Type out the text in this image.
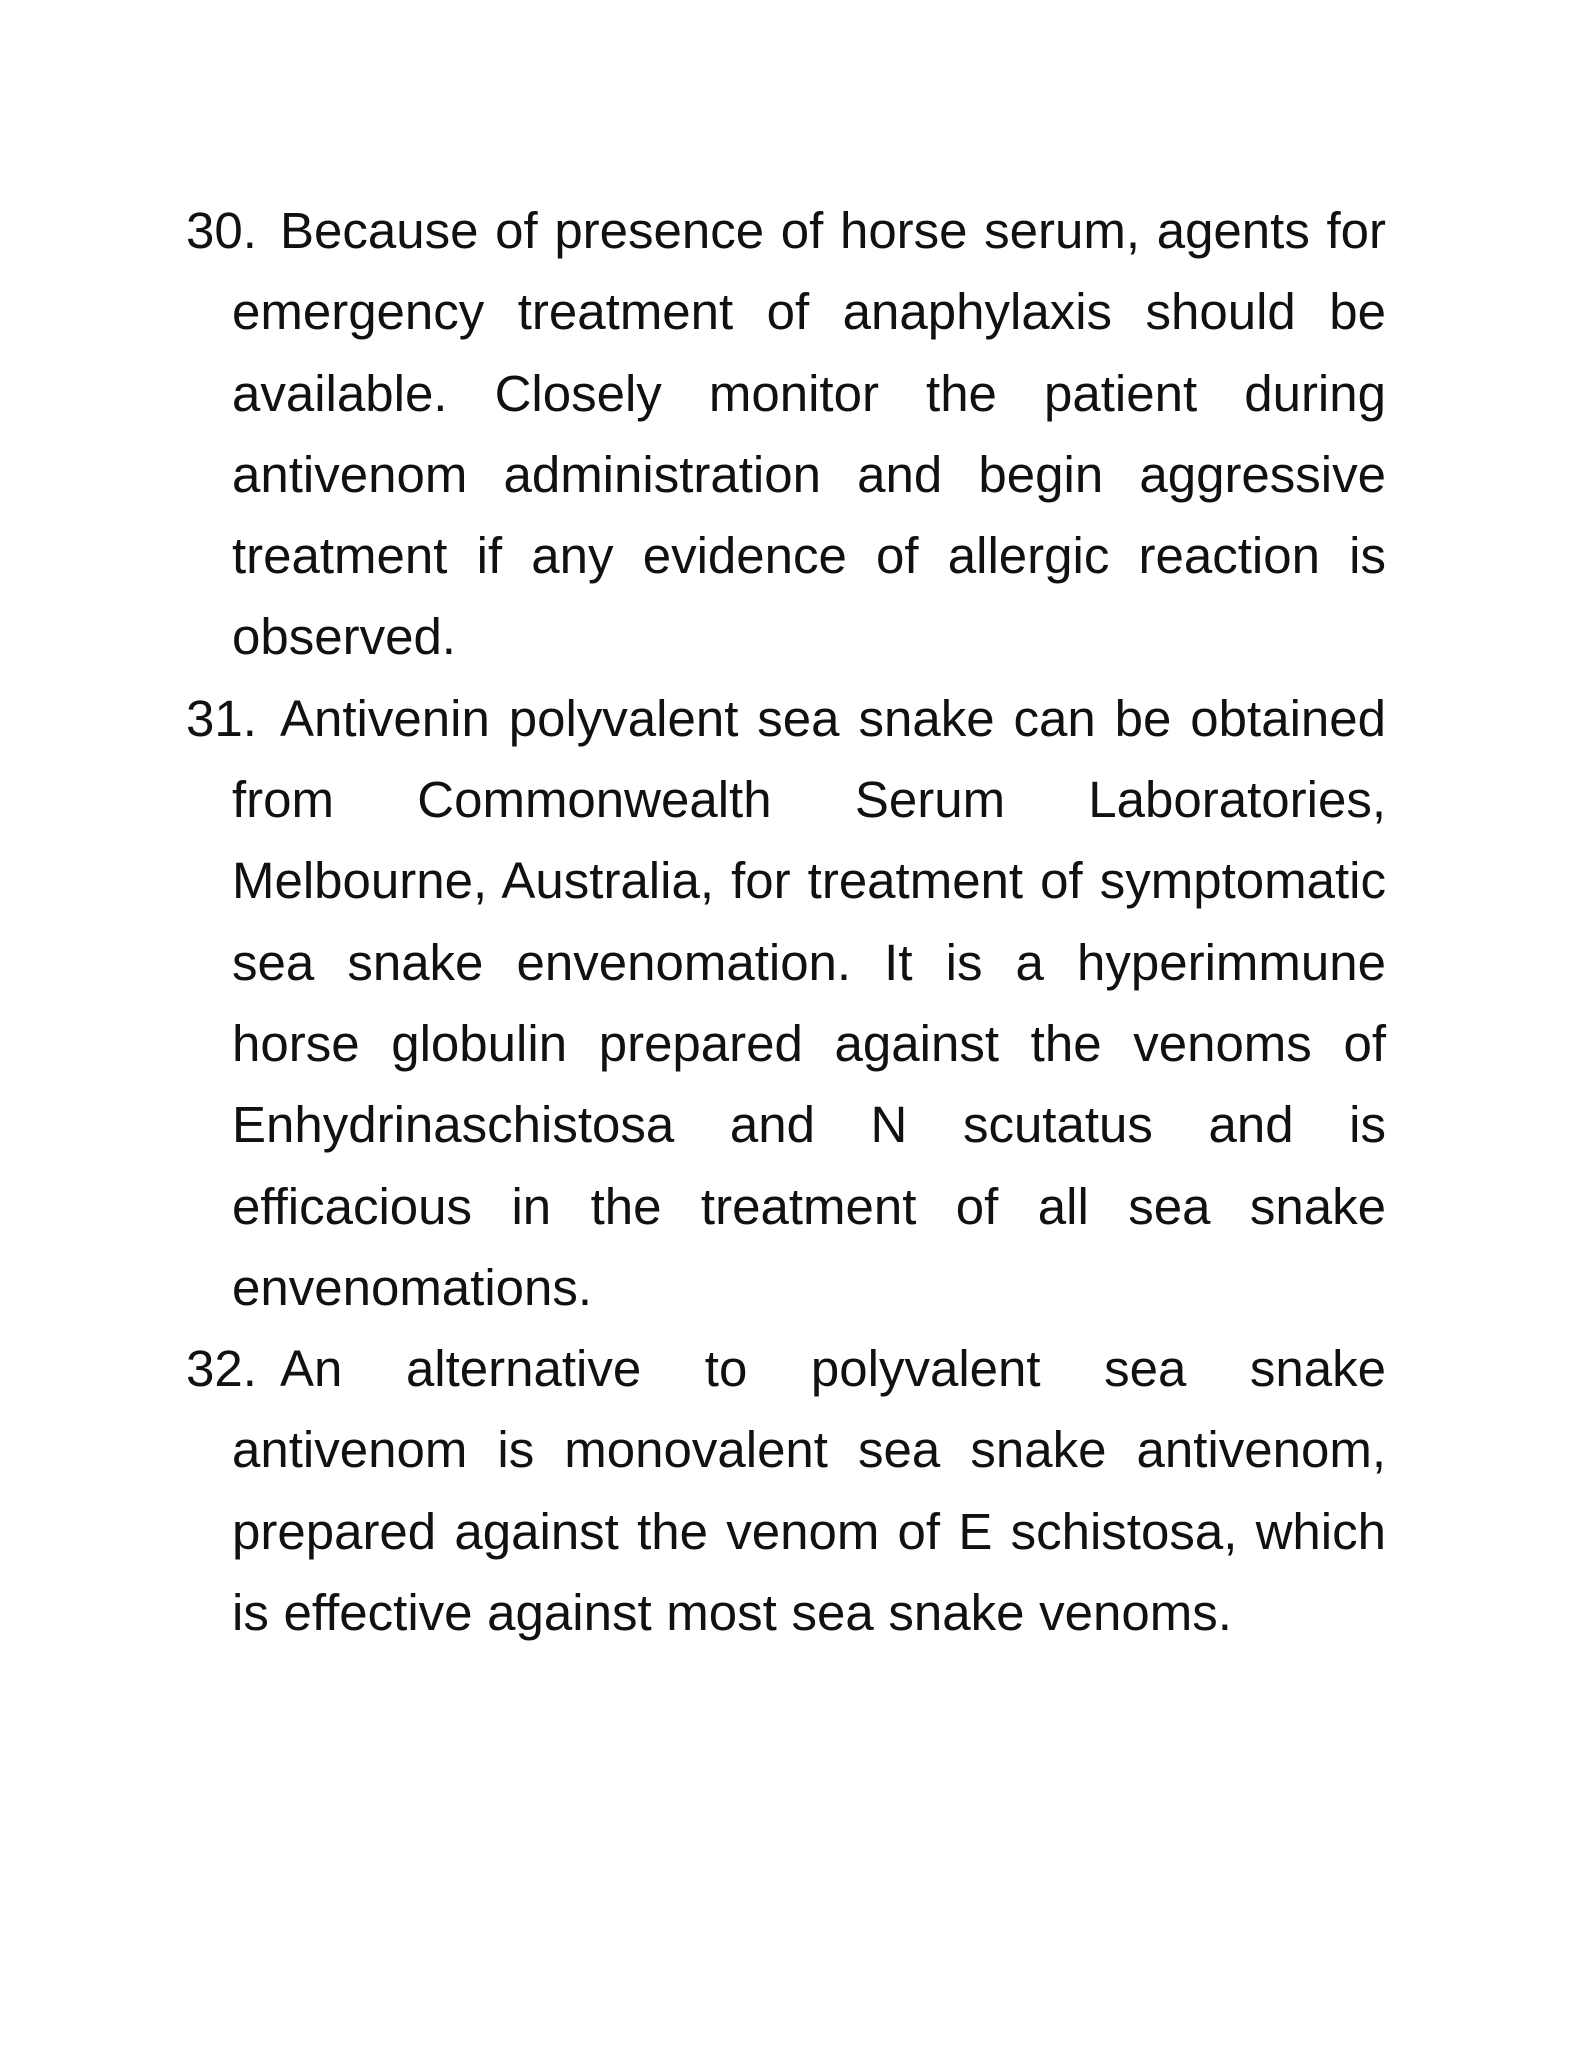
30. Because of presence of horse serum, agents for emergency treatment of anaphylaxis should be available. Closely monitor the patient during antivenom administration and begin aggressive treatment if any evidence of allergic reaction is observed.
31. Antivenin polyvalent sea snake can be obtained from Commonwealth Serum Laboratories, Melbourne, Australia, for treatment of symptomatic sea snake envenomation. It is a hyperimmune horse globulin prepared against the venoms of Enhydrinaschistosa and N scutatus and is efficacious in the treatment of all sea snake envenomations.
32. An alternative to polyvalent sea snake antivenom is monovalent sea snake antivenom, prepared against the venom of E schistosa, which is effective against most sea snake venoms.
